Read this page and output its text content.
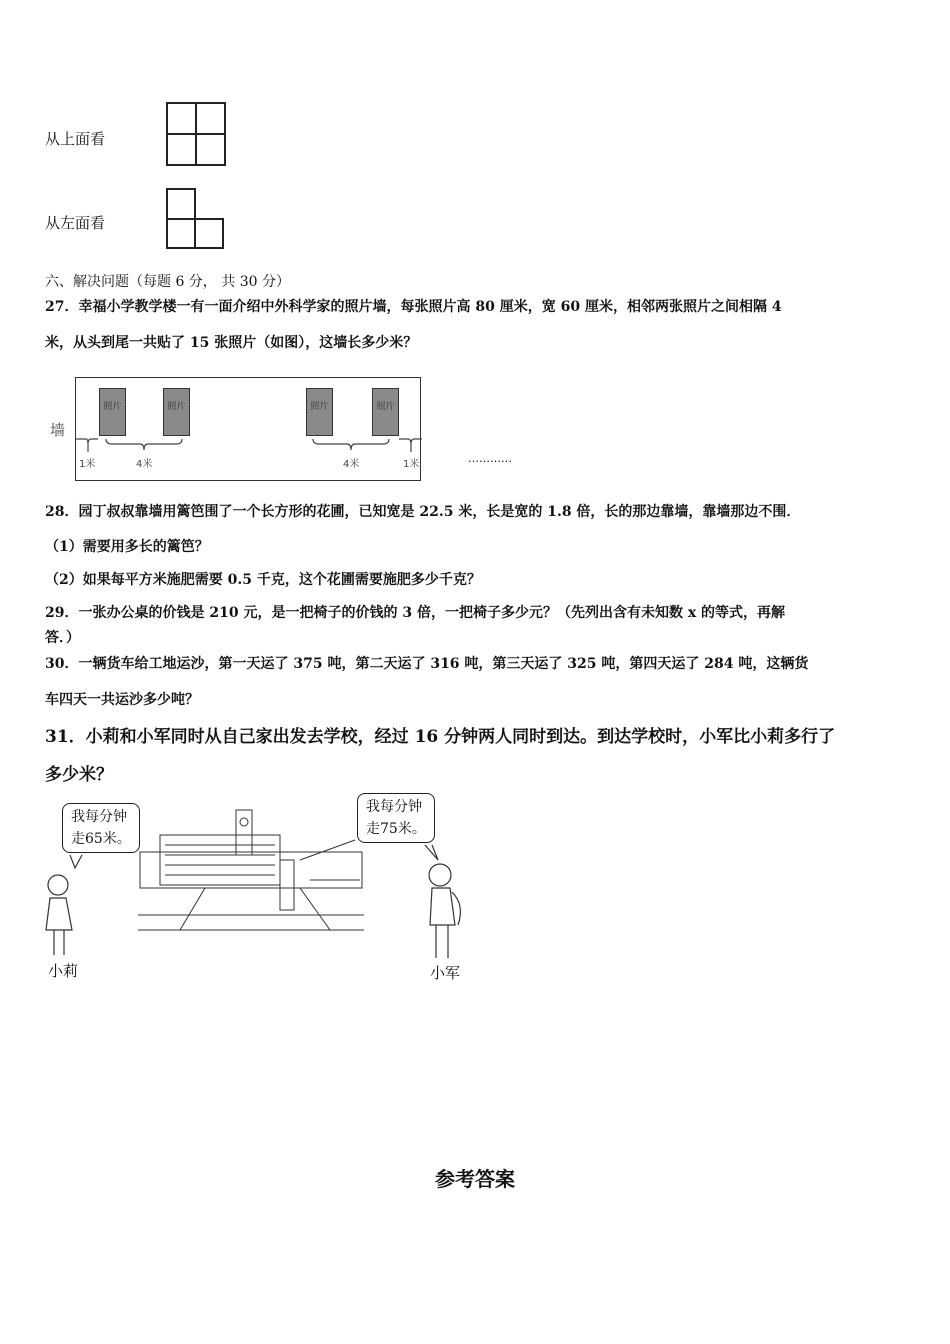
从上面看
从左面看
六、解决问题（每题 6 分， 共 30 分）
27．幸福小学教学楼一有一面介绍中外科学家的照片墙，每张照片高 80 厘米，宽 60 厘米，相邻两张照片之间相隔 4
米，从头到尾一共贴了 15 张照片（如图），这墙长多少米？
墙
照片	照片	照片	照片
1米	4米	4米	1米	…………
28．园丁叔叔靠墙用篱笆围了一个长方形的花圃，已知宽是 22.5 米，长是宽的 1.8 倍，长的那边靠墙，靠墙那边不围．
（1）需要用多长的篱笆？
（2）如果每平方米施肥需要 0.5 千克，这个花圃需要施肥多少千克？
29．一张办公桌的价钱是 210 元，是一把椅子的价钱的 3 倍，一把椅子多少元？（先列出含有未知数 x 的等式，再解
答．）
30．一辆货车给工地运沙，第一天运了 375 吨，第二天运了 316 吨，第三天运了 325 吨，第四天运了 284 吨，这辆货
车四天一共运沙多少吨？
31．小莉和小军同时从自己家出发去学校，经过 16 分钟两人同时到达。到达学校时，小军比小莉多行了
多少米？
我每分钟
走65米。
我每分钟
走75米。
小莉	小军
参考答案
